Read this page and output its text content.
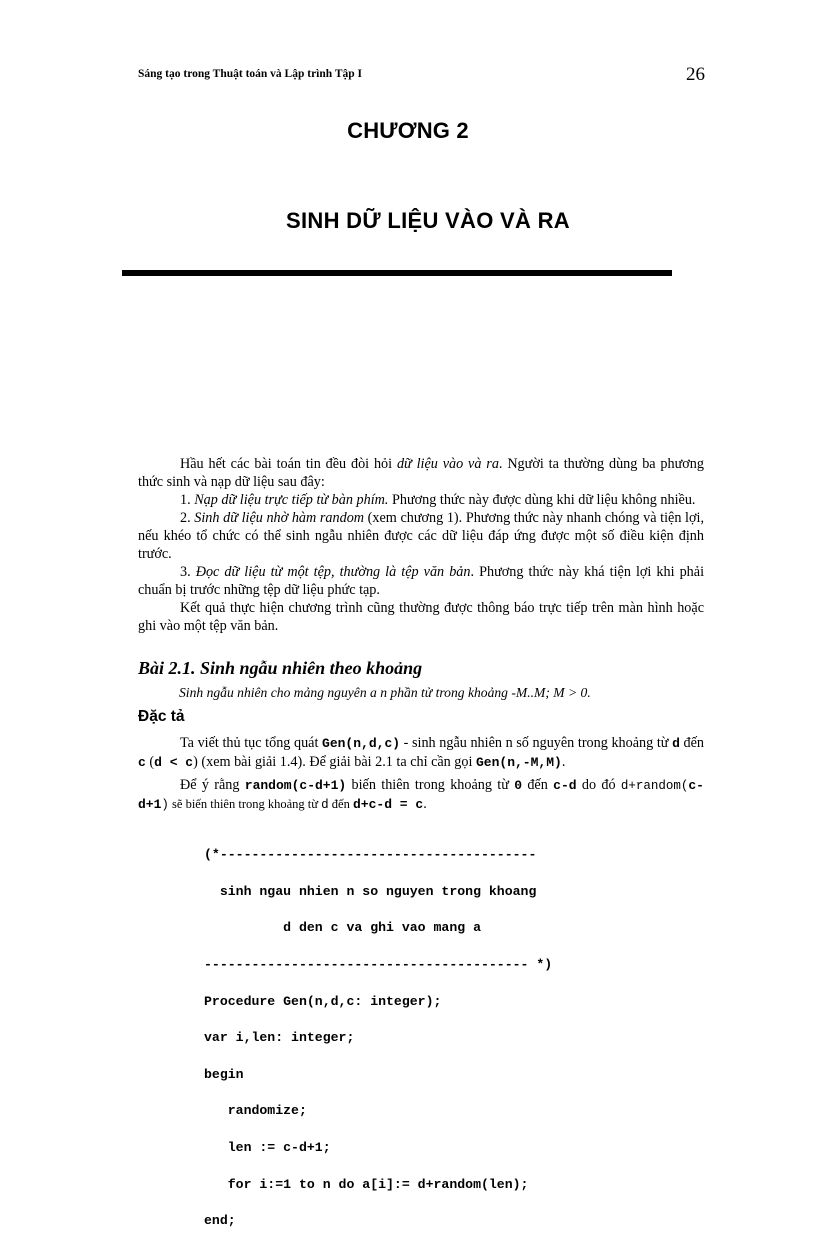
Sáng tạo trong Thuật toán và Lập trình Tập I	26
CHƯƠNG 2
SINH DỮ LIỆU VÀO VÀ RA

Hầu hết các bài toán tin đều đòi hỏi dữ liệu vào và ra. Người ta thường dùng ba phương thức sinh và nạp dữ liệu sau đây:

1. Nạp dữ liệu trực tiếp từ bàn phím. Phương thức này được dùng khi dữ liệu không nhiều.

2. Sinh dữ liệu nhờ hàm random (xem chương 1). Phương thức này nhanh chóng và tiện lợi, nếu khéo tổ chức có thể sinh ngẫu nhiên được các dữ liệu đáp ứng được một số điều kiện định trước.

3. Đọc dữ liệu từ một tệp, thường là tệp văn bản. Phương thức này khá tiện lợi khi phải chuẩn bị trước những tệp dữ liệu phức tạp.

Kết quả thực hiện chương trình cũng thường được thông báo trực tiếp trên màn hình hoặc ghi vào một tệp văn bản.

Bài 2.1. Sinh ngẫu nhiên theo khoảng
Sinh ngẫu nhiên cho mảng nguyên a n phần tử trong khoảng -M..M; M > 0.
Đặc tả

Ta viết thủ tục tổng quát Gen(n,d,c) - sinh ngẫu nhiên n số nguyên trong khoảng từ d đến c (d < c) (xem bài giải 1.4). Để giải bài 2.1 ta chỉ cần gọi Gen(n,-M,M).

Để ý rằng random(c-d+1) biến thiên trong khoảng từ 0 đến c-d do đó d+random(c-d+1) sẽ biến thiên trong khoảng từ d đến d+c-d = c.

(*----------------------------------------

sinh ngau nhien n so nguyen trong khoang

d den c va ghi vao mang a

----------------------------------------- *)

Procedure Gen(n,d,c: integer);

var i,len: integer;

begin

randomize;

len := c-d+1;

for i:=1 to n do a[i]:= d+random(len);

end;
